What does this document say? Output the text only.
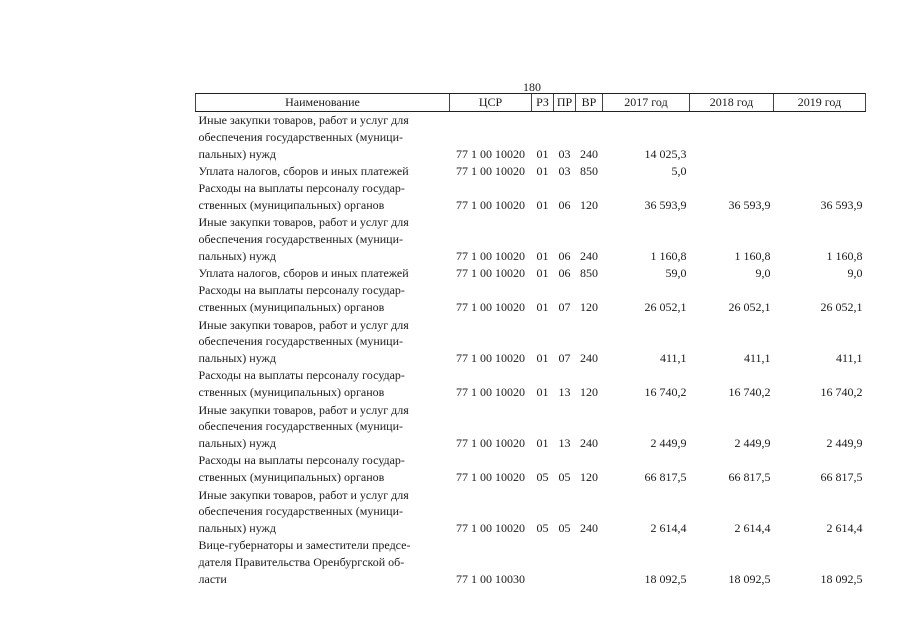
180
Наименование	ЦСР	РЗ	ПР	ВР	2017 год	2018 год	2019 год

Иные закупки товаров, работ и услуг для
обеспечения государственных (муници-
пальных) нужд	77 1 00 10020	01	03	240	14 025,3		

Уплата налогов, сборов и иных платежей	77 1 00 10020	01	03	850	5,0		

Расходы на выплаты персоналу государ-
ственных (муниципальных) органов	77 1 00 10020	01	06	120	36 593,9	36 593,9	36 593,9

Иные закупки товаров, работ и услуг для
обеспечения государственных (муници-
пальных) нужд	77 1 00 10020	01	06	240	1 160,8	1 160,8	1 160,8

Уплата налогов, сборов и иных платежей	77 1 00 10020	01	06	850	59,0	9,0	9,0

Расходы на выплаты персоналу государ-
ственных (муниципальных) органов	77 1 00 10020	01	07	120	26 052,1	26 052,1	26 052,1

Иные закупки товаров, работ и услуг для
обеспечения государственных (муници-
пальных) нужд	77 1 00 10020	01	07	240	411,1	411,1	411,1

Расходы на выплаты персоналу государ-
ственных (муниципальных) органов	77 1 00 10020	01	13	120	16 740,2	16 740,2	16 740,2

Иные закупки товаров, работ и услуг для
обеспечения государственных (муници-
пальных) нужд	77 1 00 10020	01	13	240	2 449,9	2 449,9	2 449,9

Расходы на выплаты персоналу государ-
ственных (муниципальных) органов	77 1 00 10020	05	05	120	66 817,5	66 817,5	66 817,5

Иные закупки товаров, работ и услуг для
обеспечения государственных (муници-
пальных) нужд	77 1 00 10020	05	05	240	2 614,4	2 614,4	2 614,4

Вице-губернаторы и заместители предсе-
дателя Правительства Оренбургской об-
ласти	77 1 00 10030				18 092,5	18 092,5	18 092,5
